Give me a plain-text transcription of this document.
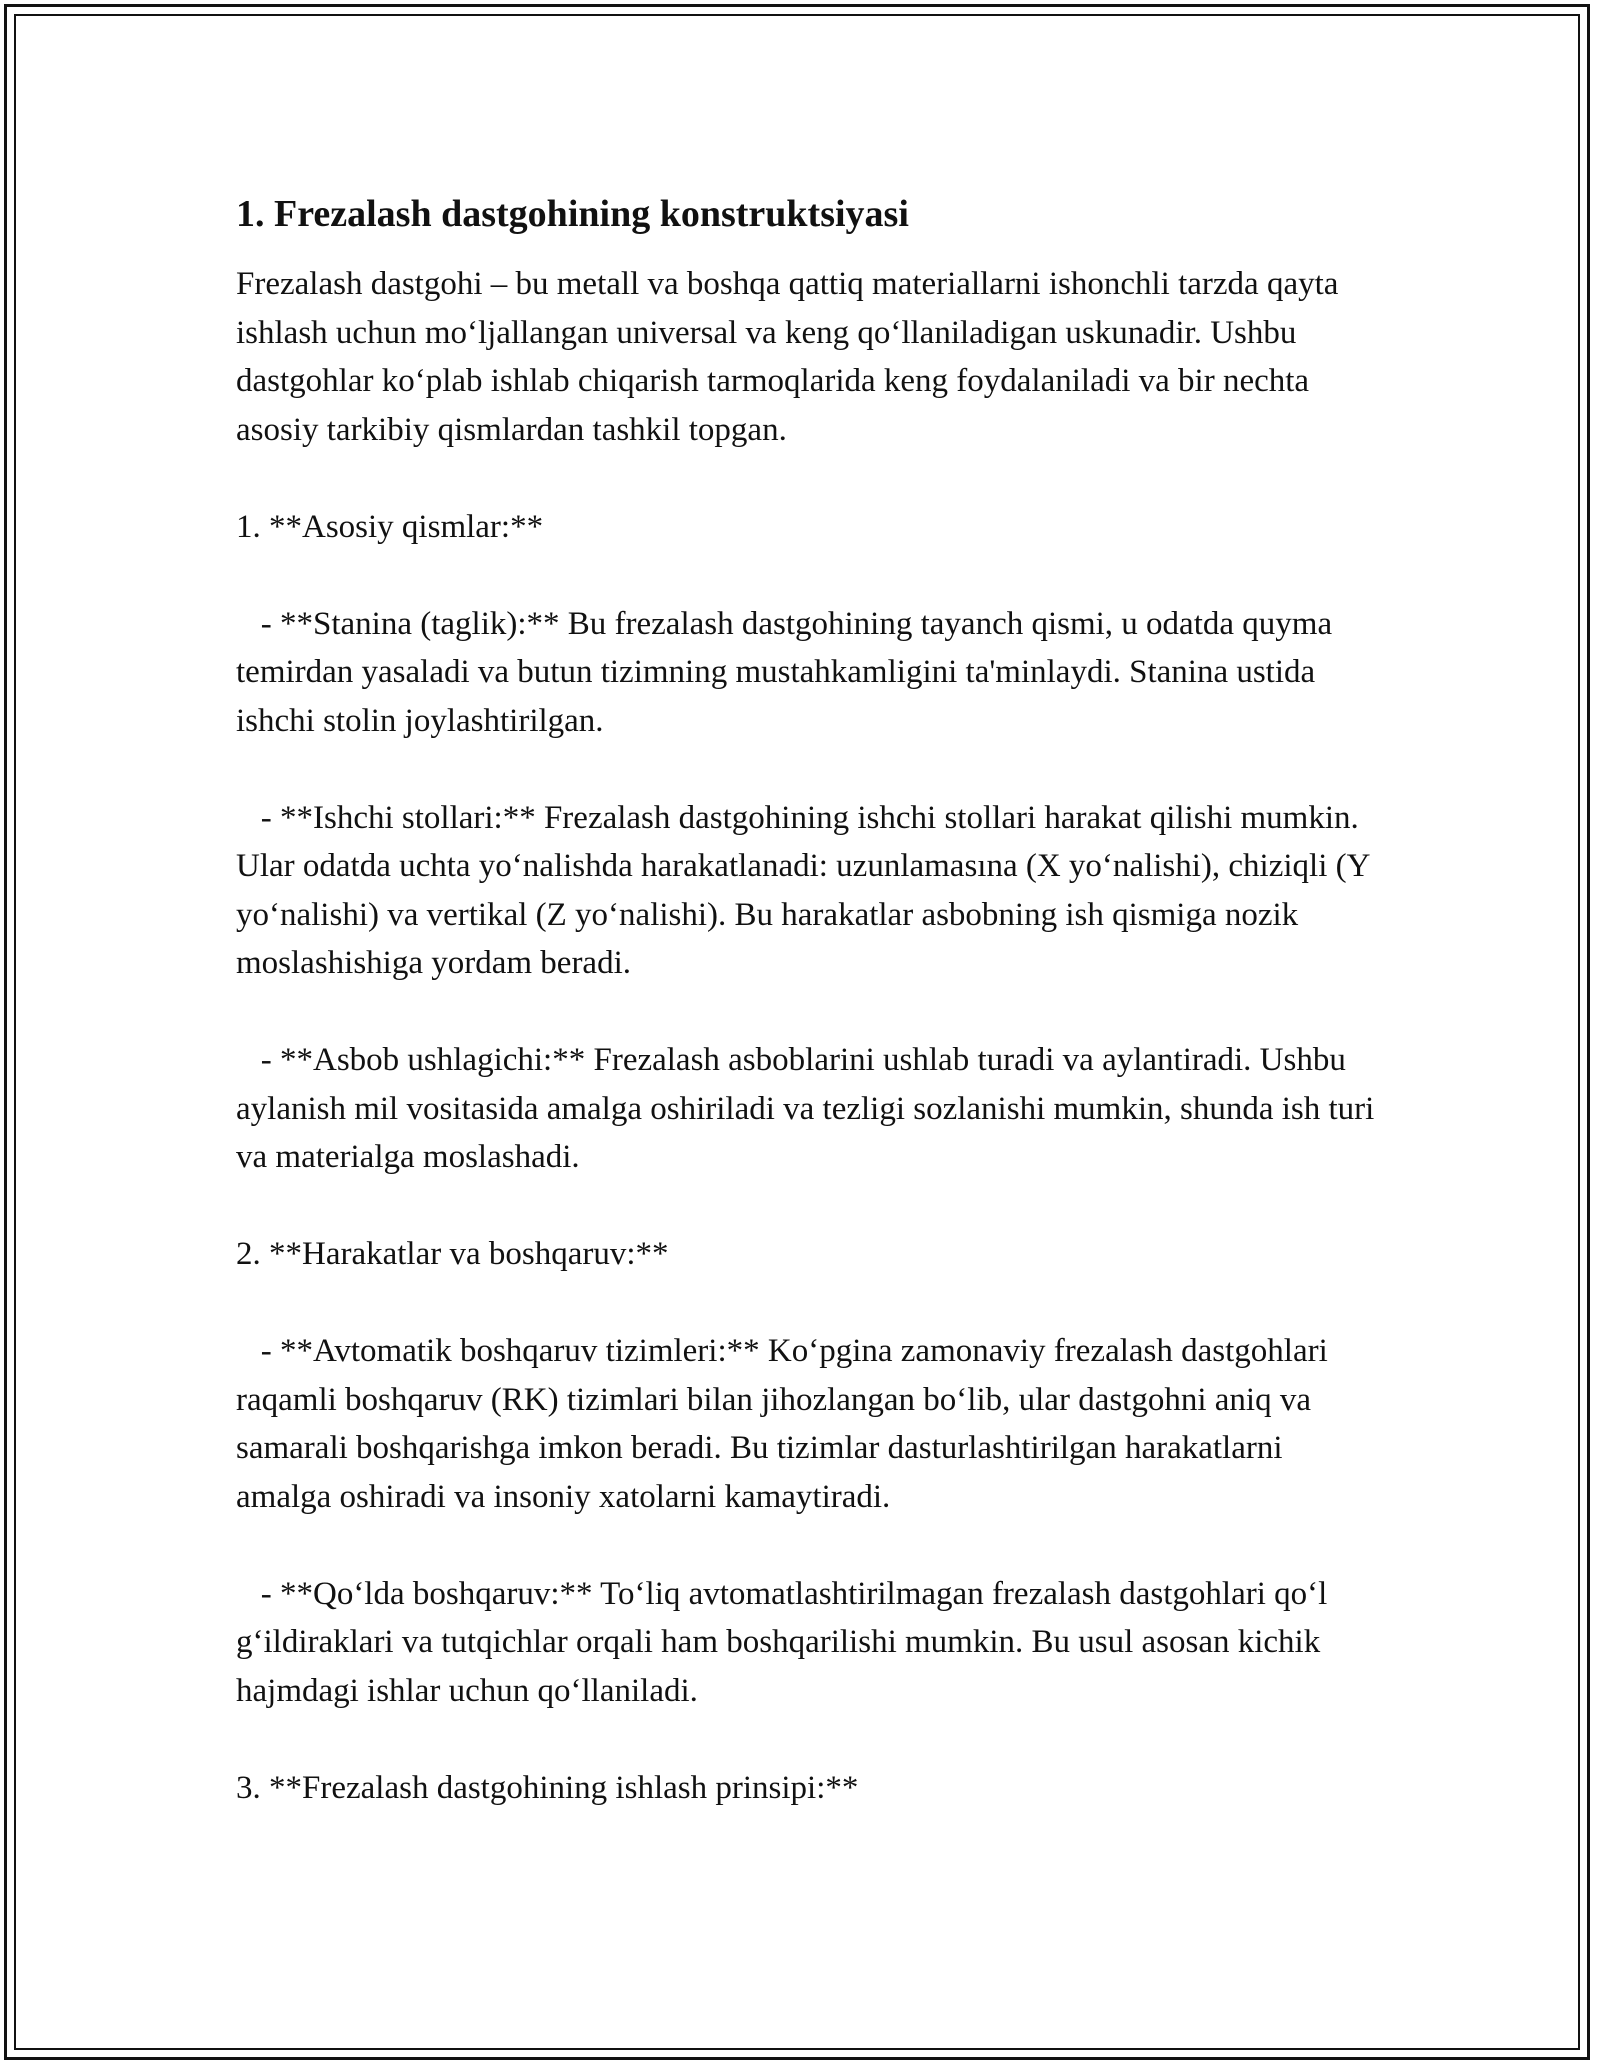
1. Frezalash dastgohining konstruktsiyasi

Frezalash dastgohi – bu metall va boshqa qattiq materiallarni ishonchli tarzda qayta ishlash uchun mo‘ljallangan universal va keng qo‘llaniladigan uskunadir. Ushbu dastgohlar ko‘plab ishlab chiqarish tarmoqlarida keng foydalaniladi va bir nechta asosiy tarkibiy qismlardan tashkil topgan.

1. **Asosiy qismlar:**

- **Stanina (taglik):** Bu frezalash dastgohining tayanch qismi, u odatda quyma temirdan yasaladi va butun tizimning mustahkamligini ta'minlaydi. Stanina ustida ishchi stolin joylashtirilgan.

- **Ishchi stollari:** Frezalash dastgohining ishchi stollari harakat qilishi mumkin. Ular odatda uchta yo‘nalishda harakatlanadi: uzunlamasına (X yo‘nalishi), chiziqli (Y yo‘nalishi) va vertikal (Z yo‘nalishi). Bu harakatlar asbobning ish qismiga nozik moslashishiga yordam beradi.

- **Asbob ushlagichi:** Frezalash asboblarini ushlab turadi va aylantiradi. Ushbu aylanish mil vositasida amalga oshiriladi va tezligi sozlanishi mumkin, shunda ish turi va materialga moslashadi.

2. **Harakatlar va boshqaruv:**

- **Avtomatik boshqaruv tizimleri:** Ko‘pgina zamonaviy frezalash dastgohlari raqamli boshqaruv (RK) tizimlari bilan jihozlangan bo‘lib, ular dastgohni aniq va samarali boshqarishga imkon beradi. Bu tizimlar dasturlashtirilgan harakatlarni amalga oshiradi va insoniy xatolarni kamaytiradi.

- **Qo‘lda boshqaruv:** To‘liq avtomatlashtirilmagan frezalash dastgohlari qo‘l g‘ildiraklari va tutqichlar orqali ham boshqarilishi mumkin. Bu usul asosan kichik hajmdagi ishlar uchun qo‘llaniladi.

3. **Frezalash dastgohining ishlash prinsipi:**
